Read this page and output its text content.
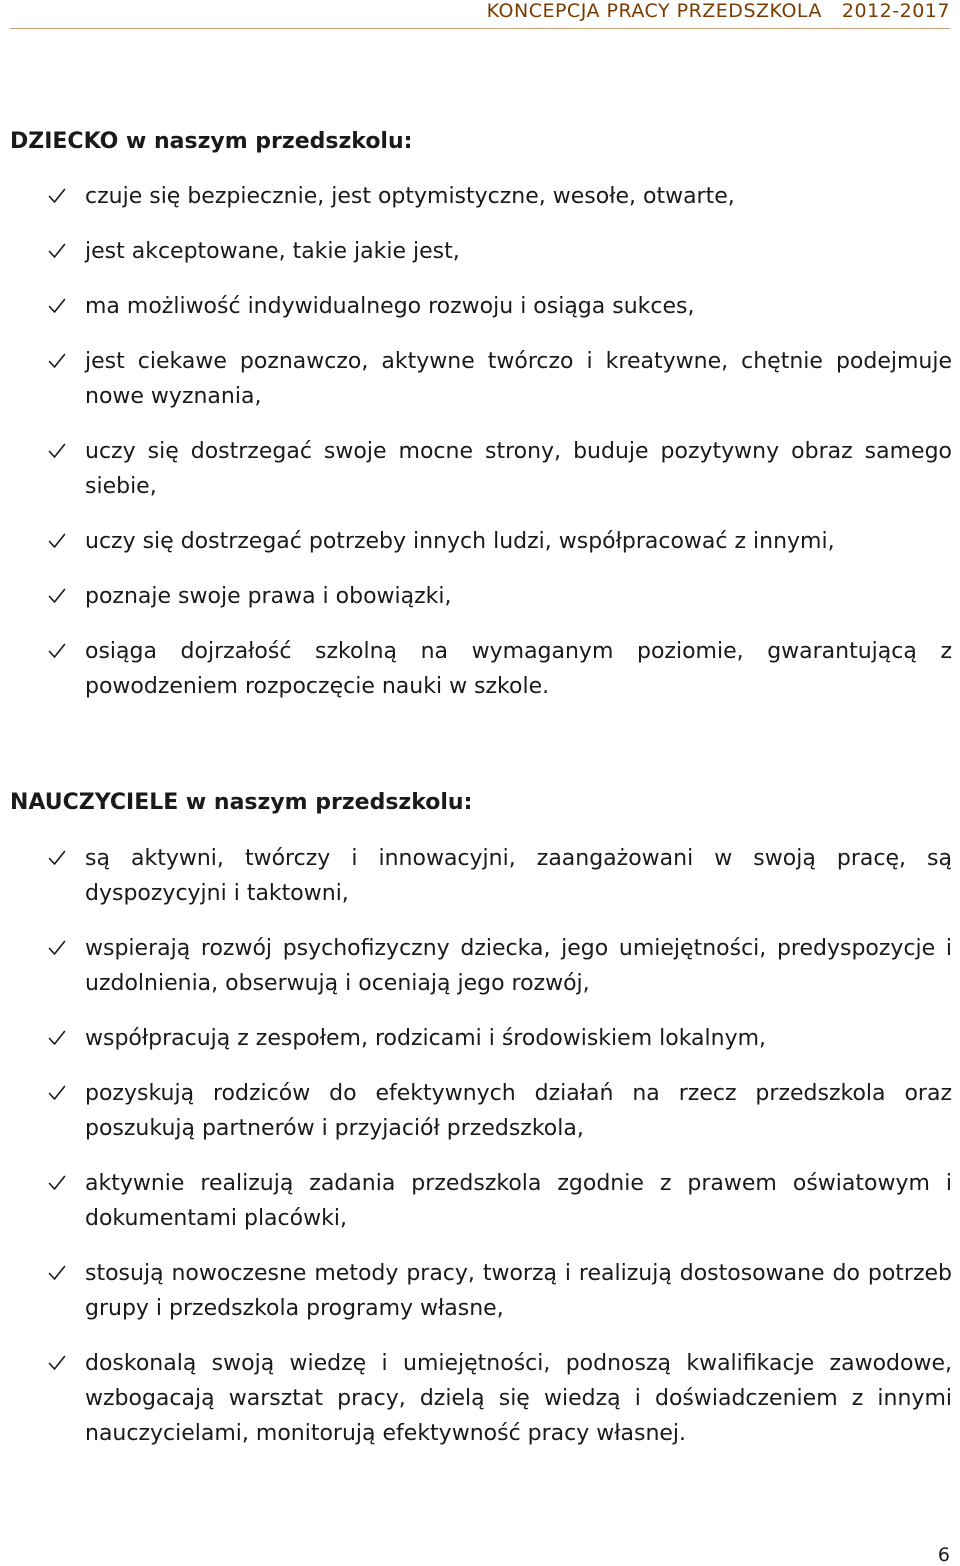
KONCEPCJA PRACY PRZEDSZKOLA 2012-2017
DZIECKO w naszym przedszkolu:
czuje się bezpiecznie, jest optymistyczne, wesołe, otwarte,
jest akceptowane, takie jakie jest,
ma możliwość indywidualnego rozwoju i osiąga sukces,
jest ciekawe poznawczo, aktywne twórczo i kreatywne, chętnie podejmuje nowe wyznania,
uczy się dostrzegać swoje mocne strony, buduje pozytywny obraz samego siebie,
uczy się dostrzegać potrzeby innych ludzi, współpracować z innymi,
poznaje swoje prawa i obowiązki,
osiąga dojrzałość szkolną na wymaganym poziomie, gwarantującą z powodzeniem rozpoczęcie nauki w szkole.
NAUCZYCIELE w naszym przedszkolu:
są aktywni, twórczy i innowacyjni, zaangażowani w swoją pracę, są dyspozycyjni i taktowni,
wspierają rozwój psychofizyczny dziecka, jego umiejętności, predyspozycje i uzdolnienia, obserwują i oceniają jego rozwój,
współpracują z zespołem, rodzicami i środowiskiem lokalnym,
pozyskują rodziców do efektywnych działań na rzecz przedszkola oraz poszukują partnerów i przyjaciół przedszkola,
aktywnie realizują zadania przedszkola zgodnie z prawem oświatowym i dokumentami placówki,
stosują nowoczesne metody pracy, tworzą i realizują dostosowane do potrzeb grupy i przedszkola programy własne,
doskonalą swoją wiedzę i umiejętności, podnoszą kwalifikacje zawodowe, wzbogacają warsztat pracy, dzielą się wiedzą i doświadczeniem z innymi nauczycielami, monitorują efektywność pracy własnej.
6
